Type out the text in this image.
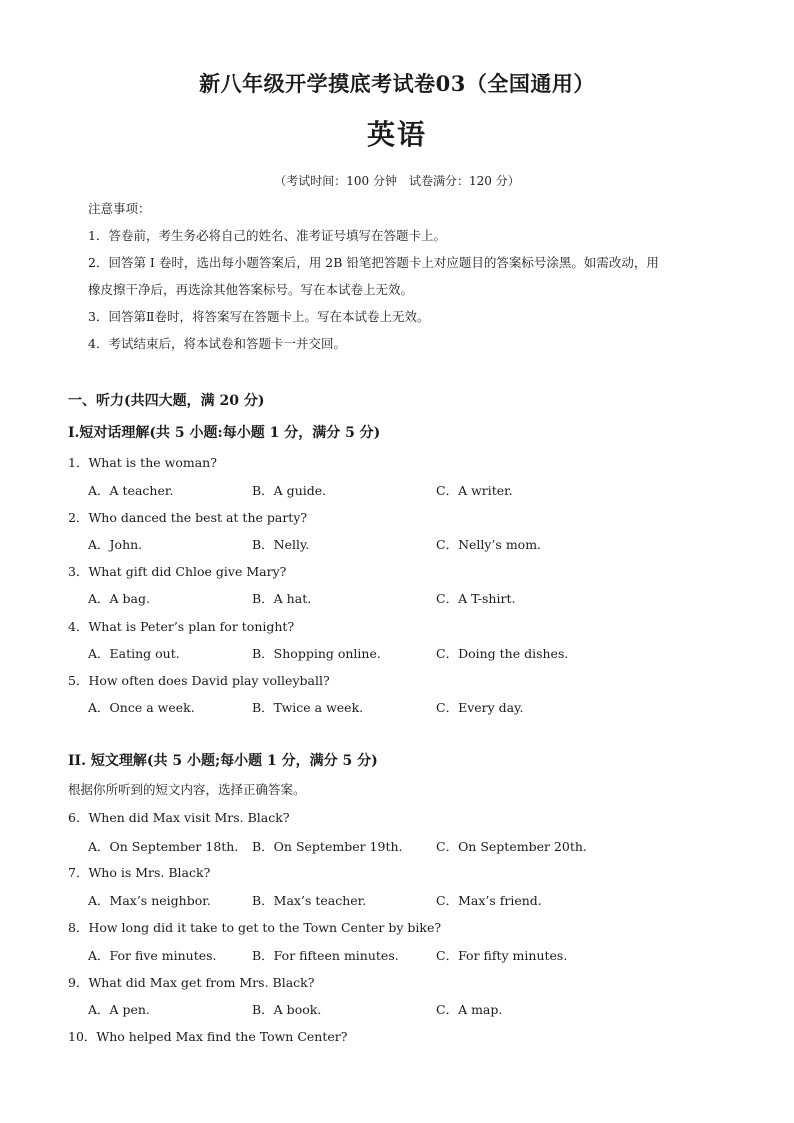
新八年级开学摸底考试卷03（全国通用）
英语
（考试时间：100 分钟　试卷满分：120 分）
注意事项：
1．答卷前，考生务必将自己的姓名、准考证号填写在答题卡上。
2．回答第 I 卷时，选出每小题答案后，用 2B 铅笔把答题卡上对应题目的答案标号涂黑。如需改动，用
橡皮擦干净后，再选涂其他答案标号。写在本试卷上无效。
3．回答第Ⅱ卷时，将答案写在答题卡上。写在本试卷上无效。
4．考试结束后，将本试卷和答题卡一并交回。
一、听力(共四大题，满 20 分)
Ⅰ.短对话理解(共 5 小题:每小题 1 分，满分 5 分)
1．What is the woman?
A．A teacher.	B．A guide.	C．A writer.
2．Who danced the best at the party?
A．John.	B．Nelly.	C．Nelly’s mom.
3．What gift did Chloe give Mary?
A．A bag.	B．A hat.	C．A T-shirt.
4．What is Peter’s plan for tonight?
A．Eating out.	B．Shopping online.	C．Doing the dishes.
5．How often does David play volleyball?
A．Once a week.	B．Twice a week.	C．Every day.
II. 短文理解(共 5 小题;每小题 1 分，满分 5 分)
根据你所听到的短文内容，选择正确答案。
6．When did Max visit Mrs. Black?
A．On September 18th. B．On September 19th.	C．On September 20th.
7．Who is Mrs. Black?
A．Max’s neighbor.	B．Max’s teacher.	C．Max’s friend.
8．How long did it take to get to the Town Center by bike?
A．For five minutes.	B．For fifteen minutes.	C．For fifty minutes.
9．What did Max get from Mrs. Black?
A．A pen.	B．A book.	C．A map.
10．Who helped Max find the Town Center?
